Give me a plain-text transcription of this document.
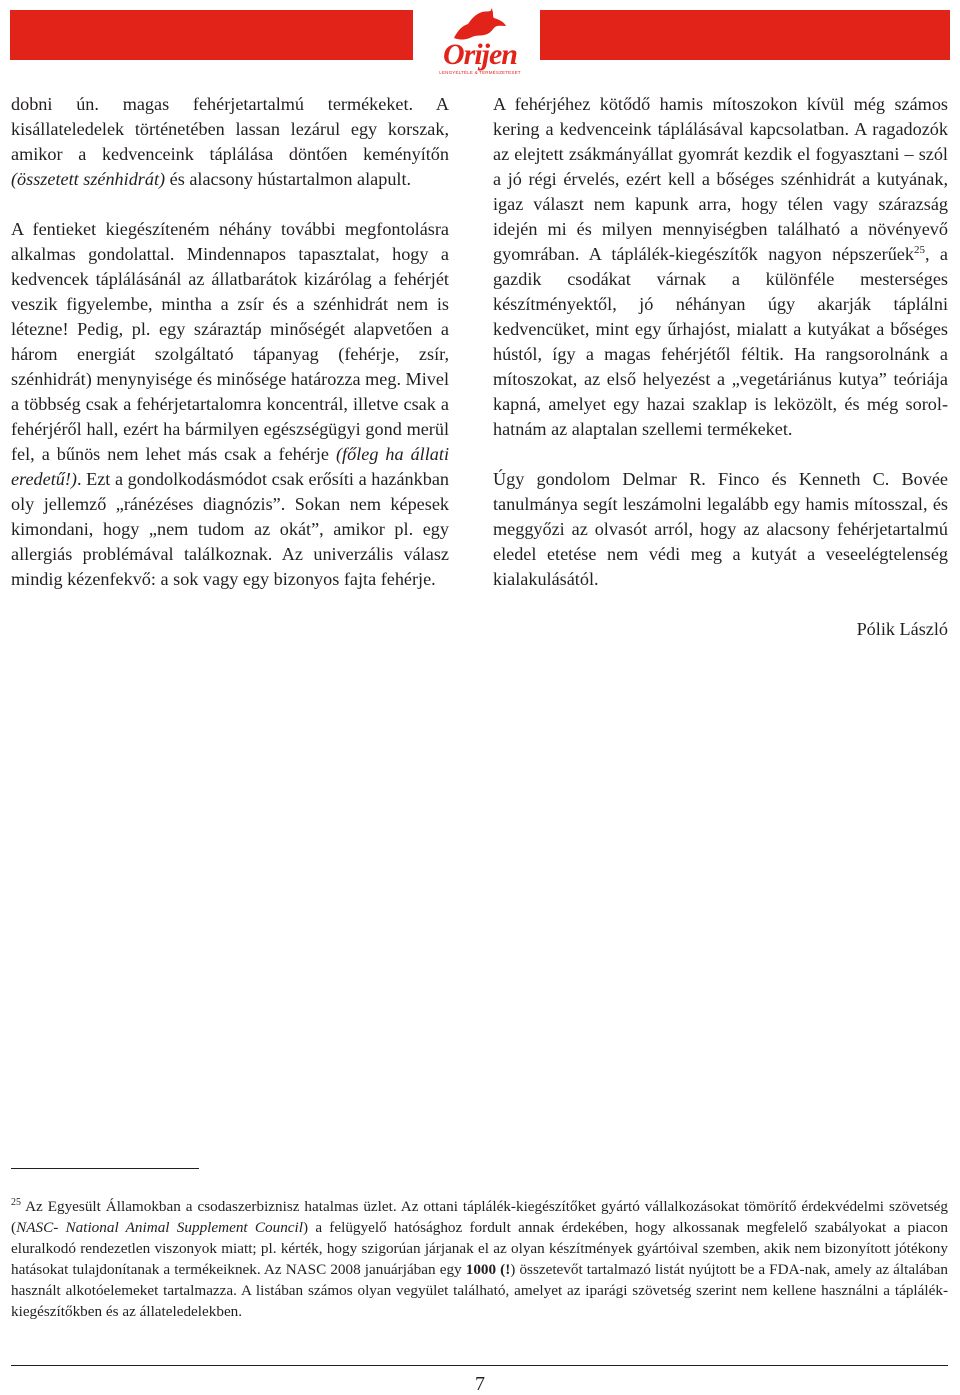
Orijen
LENGYELTÉLE & TERMÉSZETESET

dobni ún. magas fehérjetartalmú termékeket. A kisállateledelek történetében lassan lezárul egy korszak, amikor a kedvenceink táplálása döntően keményítőn (összetett szénhidrát) és alacsony hústartalmon alapult.

A fentieket kiegészíteném néhány további megfontolásra alkalmas gondolattal. Mindennapos tapasztalat, hogy a kedvencek táplálásánál az állatbarátok kizárólag a fehérjét veszik figyelembe, mintha a zsír és a szénhidrát nem is létezne! Pedig, pl. egy száraztáp minőségét alapvetően a három energiát szolgáltató tápanyag (fehérje, zsír, szénhidrát) menynyisége és minősége határozza meg. Mivel a többség csak a fehérjetartalomra koncentrál, illetve csak a fehérjéről hall, ezért ha bármilyen egészségügyi gond merül fel, a bűnös nem lehet más csak a fehérje (főleg ha állati eredetű!). Ezt a gondolkodásmódot csak erősíti a hazánkban oly jellemző „ránézéses diagnózis”. Sokan nem képesek kimondani, hogy „nem tudom az okát”, amikor pl. egy allergiás problémával találkoznak. Az univerzális válasz mindig kézenfekvő: a sok vagy egy bizonyos fajta fehérje.

A fehérjéhez kötődő hamis mítoszokon kívül még számos kering a kedvenceink táplálásával kapcsolatban. A ragadozók az elejtett zsákmányállat gyomrát kezdik el fogyasztani – szól a jó régi érvelés, ezért kell a bőséges szénhidrát a kutyának, igaz választ nem kapunk arra, hogy télen vagy szárazság idején mi és milyen mennyiségben található a növényevő gyomrában. A táplálék-kiegészítők nagyon népszerűek$^{25}$, a gazdik csodákat várnak a különféle mesterséges készítményektől, jó néhányan úgy akarják táplálni kedvencüket, mint egy űrhajóst, mialatt a kutyákat a bőséges hústól, így a magas fehérjétől féltik. Ha rangsorolnánk a mítoszokat, az első helyezést a „vegetáriánus kutya” teóriája kapná, amelyet egy hazai szaklap is leközölt, és még sorolhatnám az alaptalan szellemi termékeket.

Úgy gondolom Delmar R. Finco és Kenneth C. Bovée tanulmánya segít leszámolni legalább egy hamis mítosszal, és meggyőzi az olvasót arról, hogy az alacsony fehérjetartalmú eledel etetése nem védi meg a kutyát a veseelégtelenség kialakulásától.

Pólik László

$^{25}$ Az Egyesült Államokban a csodaszerbiznisz hatalmas üzlet. Az ottani táplálék-kiegészítőket gyártó vállalkozásokat tömörítő érdekvédelmi szövetség (NASC- National Animal Supplement Council) a felügyelő hatósághoz fordult annak érdekében, hogy alkossanak megfelelő szabályokat a piacon eluralkodó rendezetlen viszonyok miatt; pl. kérték, hogy szigorúan járjanak el az olyan készítmények gyártóival szemben, akik nem bizonyított jótékony hatásokat tulajdonítanak a termékeiknek. Az NASC 2008 januárjában egy 1000 (!) összetevőt tartalmazó listát nyújtott be a FDA-nak, amely az általában használt alkotóelemeket tartalmazza. A listában számos olyan vegyület található, amelyet az iparági szövetség szerint nem kellene használni a táplálékkiegészítőkben és az állateledelekben.
7
